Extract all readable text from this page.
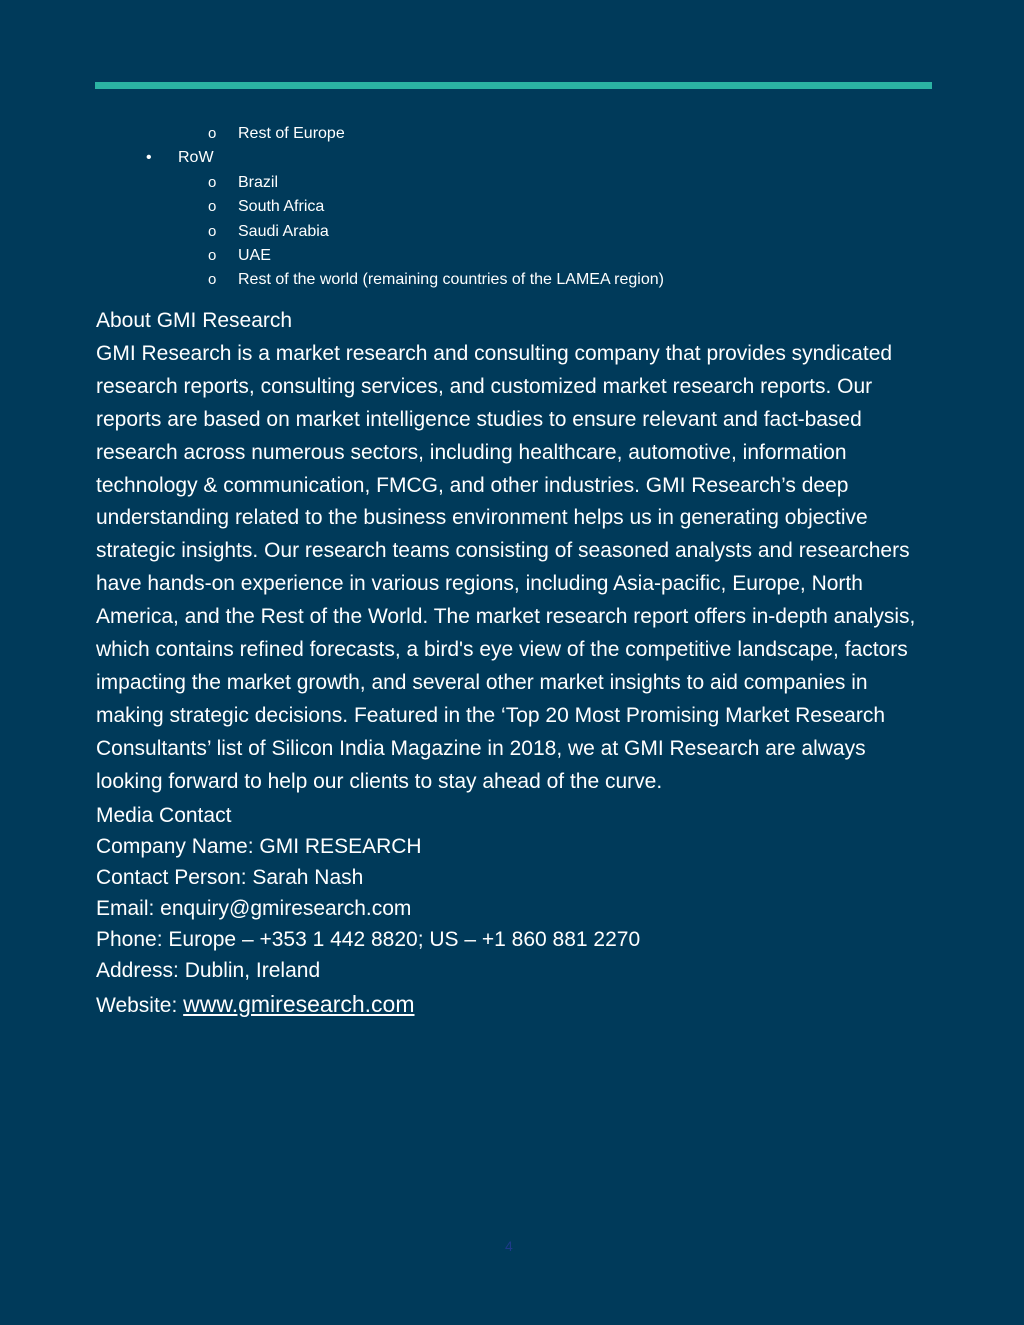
o Rest of Europe
• RoW
o Brazil
o South Africa
o Saudi Arabia
o UAE
o Rest of the world (remaining countries of the LAMEA region)
About GMI Research
GMI Research is a market research and consulting company that provides syndicated research reports, consulting services, and customized market research reports. Our reports are based on market intelligence studies to ensure relevant and fact-based research across numerous sectors, including healthcare, automotive, information technology & communication, FMCG, and other industries. GMI Research’s deep understanding related to the business environment helps us in generating objective strategic insights. Our research teams consisting of seasoned analysts and researchers have hands-on experience in various regions, including Asia-pacific, Europe, North America, and the Rest of the World. The market research report offers in-depth analysis, which contains refined forecasts, a bird's eye view of the competitive landscape, factors impacting the market growth, and several other market insights to aid companies in making strategic decisions. Featured in the ‘Top 20 Most Promising Market Research Consultants’ list of Silicon India Magazine in 2018, we at GMI Research are always looking forward to help our clients to stay ahead of the curve.
Media Contact
Company Name: GMI RESEARCH
Contact Person: Sarah Nash
Email: enquiry@gmiresearch.com
Phone: Europe – +353 1 442 8820; US – +1 860 881 2270
Address: Dublin, Ireland
Website: www.gmiresearch.com
4
